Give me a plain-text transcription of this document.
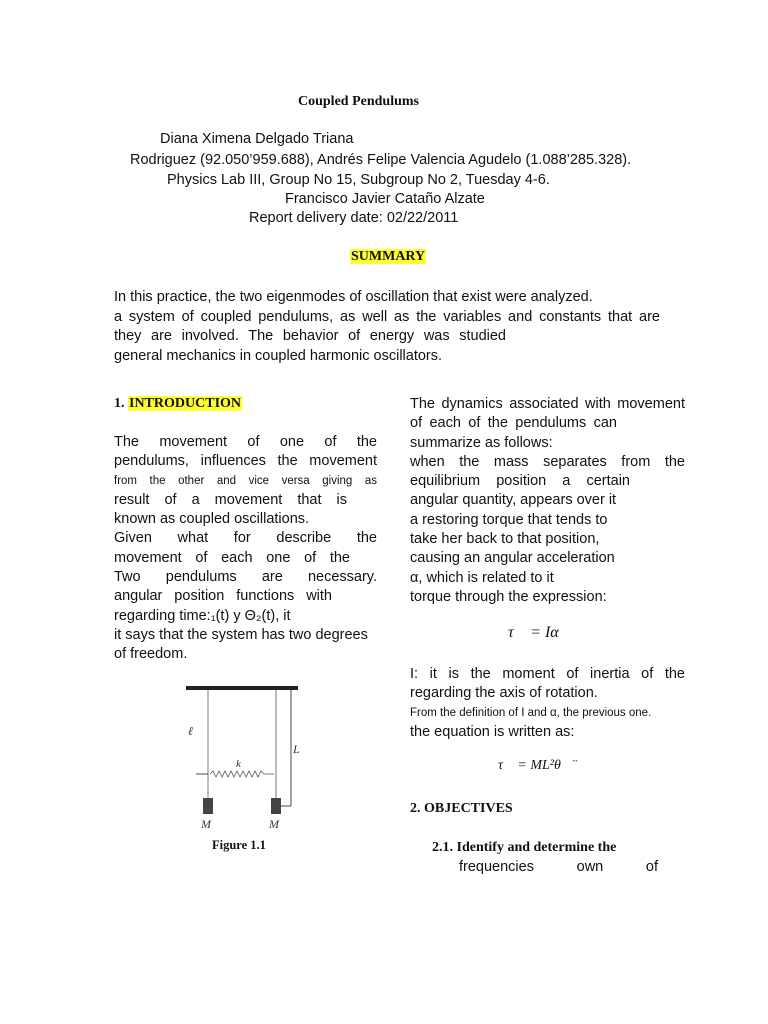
Coupled Pendulums
Diana Ximena Delgado Triana
Rodriguez (92.050’959.688), Andrés Felipe Valencia Agudelo (1.088’285.328).
Physics Lab III, Group No 15, Subgroup No 2, Tuesday 4-6.
Francisco Javier Cataño Alzate
Report delivery date: 02/22/2011
SUMMARY

In this practice, the two eigenmodes of oscillation that exist were analyzed.

a system of coupled pendulums, as well as the variables and constants that are

they are involved. The behavior of energy was studied

general mechanics in coupled harmonic oscillators.

1. INTRODUCTION

The movement of one of the

pendulums, influences the movement

from the other and vice versa giving as

result of a movement that is

known as coupled oscillations.

Given what for describe the

movement of each one of the

Two pendulums are necessary.

angular position functions with

regarding time:₁(t) y Θ₂(t), it

it says that the system has two degrees

of freedom.

ℓ
L
k
M	M
Figure 1.1

The dynamics associated with movement

of each of the pendulums can

summarize as follows:

when the mass separates from the

equilibrium position a certain

angular quantity, appears over it

a restoring torque that tends to

take her back to that position,

causing an angular acceleration

α, which is related to it

torque through the expression:

τ⃗ = Iα⃗

I: it is the moment of inertia of the

regarding the axis of rotation.

From the definition of I and α, the previous one.

the equation is written as:

τ⃗ = ML²θ⃗̈
2. OBJECTIVES
2.1. Identify and determine the

frequencies own of
